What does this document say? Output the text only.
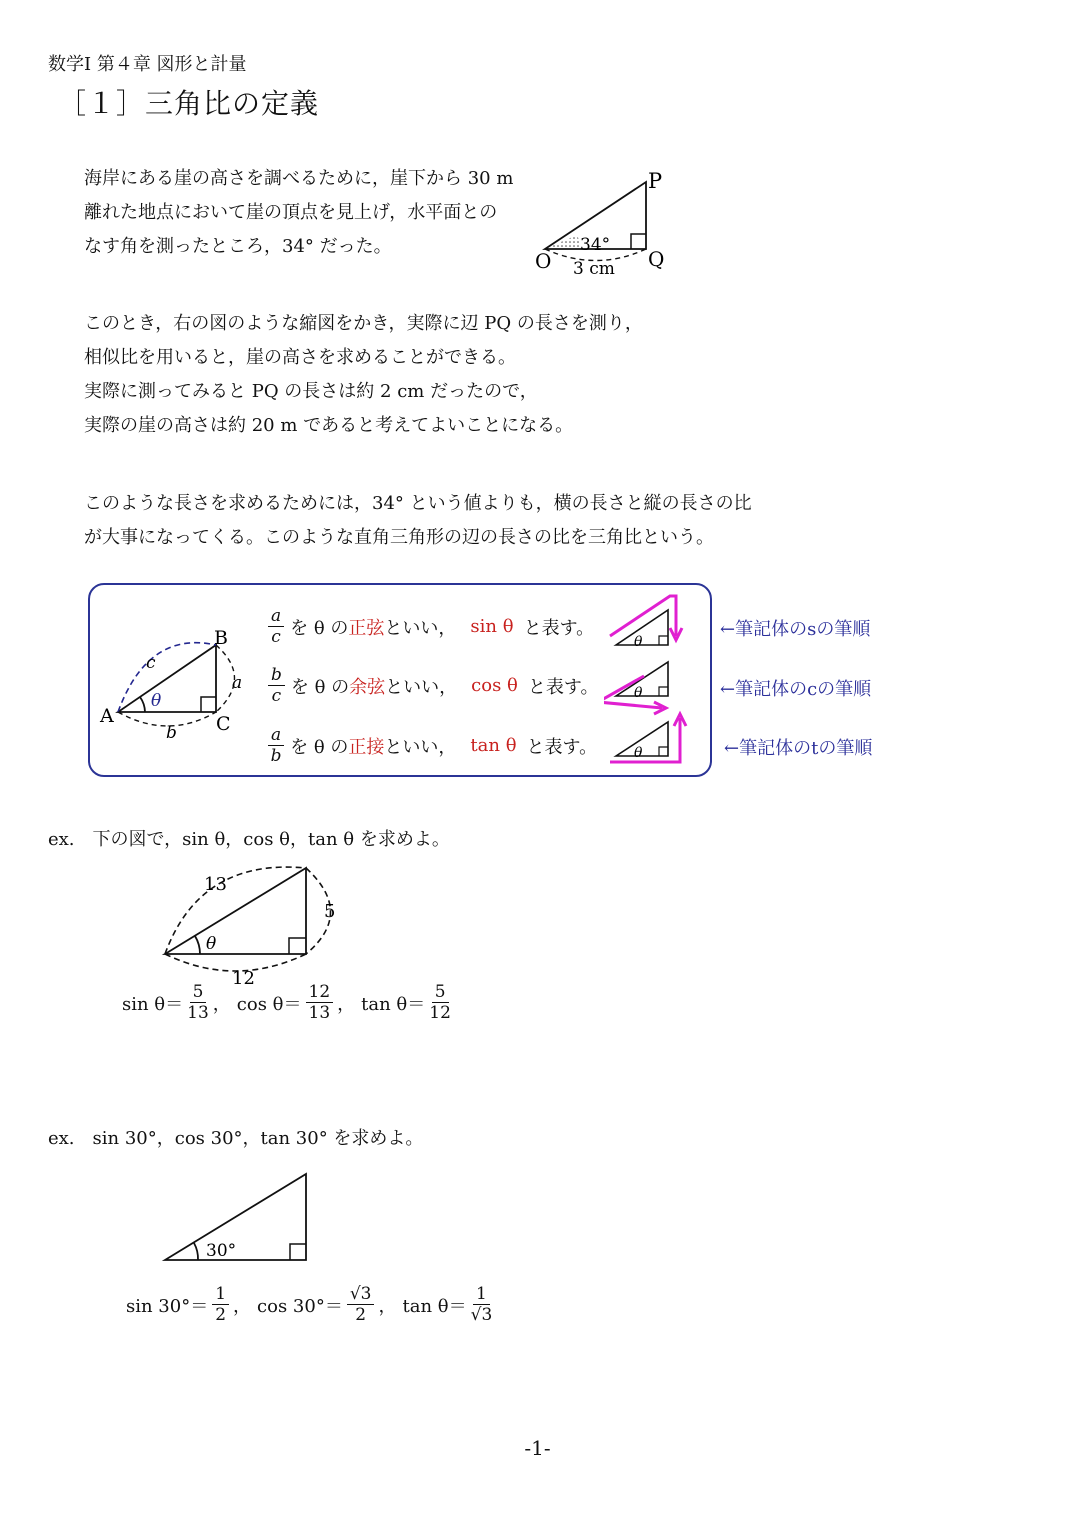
数学Ⅰ 第４章 図形と計量
［１］三角比の定義
海岸にある崖の高さを調べるために，崖下から 30 m
離れた地点において崖の頂点を見上げ，水平面との
なす角を測ったところ，34° だった。
P
O	Q
34°
3 cm
このとき，右の図のような縮図をかき，実際に辺 PQ の長さを測り，
相似比を用いると，崖の高さを求めることができる。
実際に測ってみると PQ の長さは約 2 cm だったので，
実際の崖の高さは約 20 m であると考えてよいことになる。
このような長さを求めるためには，34° という値よりも，横の長さと縦の長さの比
が大事になってくる。このような直角三角形の辺の長さの比を三角比という。
A
B
C
a
b
c
θ
$\frac{a}{c}$ を θ の 正弦 といい， sin θ と表す。
$\frac{b}{c}$ を θ の 余弦 といい， cos θ と表す。
$\frac{a}{b}$ を θ の 正接 といい， tan θ と表す。
θ
θ
θ
←筆記体のsの筆順
←筆記体のcの筆順
←筆記体のtの筆順
ex.　下の図で，sin θ，cos θ，tan θ を求めよ。
13
5
12
θ
$\sin \theta= \frac{5}{13}$ ， $\cos \theta= \frac{12}{13}$ ， $\tan \theta= \frac{5}{12}$
ex.　sin 30°，cos 30°，tan 30° を求めよ。
30°
$\sin 30^\circ= \frac{1}{2}$ ， $\cos 30^\circ= \frac{√3}{2}$ ， $\tan \theta= \frac{1}{√3}$
-1-
